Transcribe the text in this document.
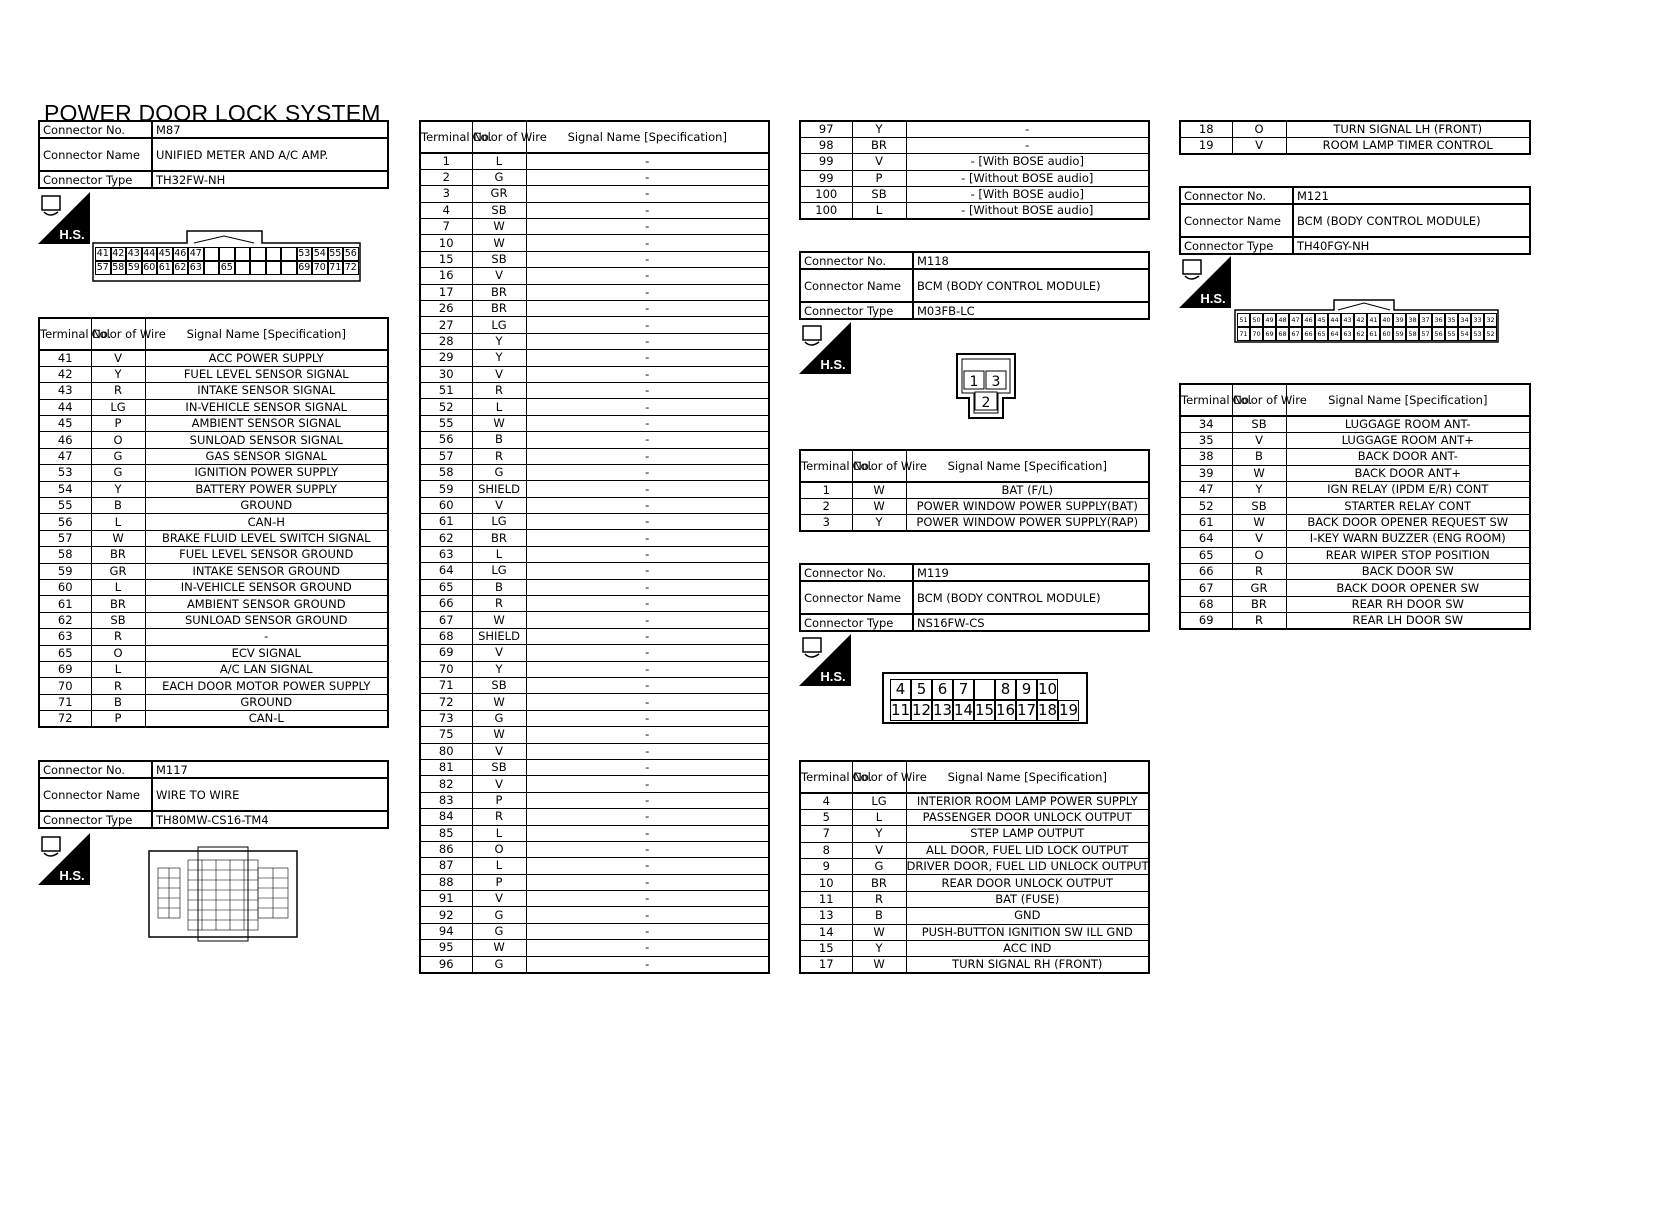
POWER DOOR LOCK SYSTEM
Connector No.	M87
Connector Name	UNIFIED METER AND A/C AMP.
Connector Type	TH32FW-NH
H.S.
41 42 43 44 45 46 47	53 54 55 56
57 58 59 60 61 62 63 65	69 70 71 72
Terminal No.	Color of Wire	Signal Name [Specification]
41	V	ACC POWER SUPPLY
42	Y	FUEL LEVEL SENSOR SIGNAL
43	R	INTAKE SENSOR SIGNAL
44	LG	IN-VEHICLE SENSOR SIGNAL
45	P	AMBIENT SENSOR SIGNAL
46	O	SUNLOAD SENSOR SIGNAL
47	G	GAS SENSOR SIGNAL
53	G	IGNITION POWER SUPPLY
54	Y	BATTERY POWER SUPPLY
55	B	GROUND
56	L	CAN-H
57	W	BRAKE FLUID LEVEL SWITCH SIGNAL
58	BR	FUEL LEVEL SENSOR GROUND
59	GR	INTAKE SENSOR GROUND
60	L	IN-VEHICLE SENSOR GROUND
61	BR	AMBIENT SENSOR GROUND
62	SB	SUNLOAD SENSOR GROUND
63	R	-
65	O	ECV SIGNAL
69	L	A/C LAN SIGNAL
70	R	EACH DOOR MOTOR POWER SUPPLY
71	B	GROUND
72	P	CAN-L
Connector No.	M117
Connector Name	WIRE TO WIRE
Connector Type	TH80MW-CS16-TM4
H.S.
Terminal No.	Color of Wire	Signal Name [Specification]
1	L	-
2	G	-
3	GR	-
4	SB	-
7	W	-
10	W	-
15	SB	-
16	V	-
17	BR	-
26	BR	-
27	LG	-
28	Y	-
29	Y	-
30	V	-
51	R	-
52	L	-
55	W	-
56	B	-
57	R	-
58	G	-
59	SHIELD	-
60	V	-
61	LG	-
62	BR	-
63	L	-
64	LG	-
65	B	-
66	R	-
67	W	-
68	SHIELD	-
69	V	-
70	Y	-
71	SB	-
72	W	-
73	G	-
75	W	-
80	V	-
81	SB	-
82	V	-
83	P	-
84	R	-
85	L	-
86	O	-
87	L	-
88	P	-
91	V	-
92	G	-
94	G	-
95	W	-
96	G	-
97	Y	-
98	BR	-
99	V	- [With BOSE audio]
99	P	- [Without BOSE audio]
100	SB	- [With BOSE audio]
100	L	- [Without BOSE audio]
Connector No.	M118
Connector Name	BCM (BODY CONTROL MODULE)
Connector Type	M03FB-LC
H.S.
1 3
2
Terminal No.	Color of Wire	Signal Name [Specification]
1	W	BAT (F/L)
2	W	POWER WINDOW POWER SUPPLY(BAT)
3	Y	POWER WINDOW POWER SUPPLY(RAP)
Connector No.	M119
Connector Name	BCM (BODY CONTROL MODULE)
Connector Type	NS16FW-CS
H.S.
4 5 6 7	8 9 10
11 12 13 14 15 16 17 18 19
Terminal No.	Color of Wire	Signal Name [Specification]
4	LG	INTERIOR ROOM LAMP POWER SUPPLY
5	L	PASSENGER DOOR UNLOCK OUTPUT
7	Y	STEP LAMP OUTPUT
8	V	ALL DOOR, FUEL LID LOCK OUTPUT
9	G	DRIVER DOOR, FUEL LID UNLOCK OUTPUT
10	BR	REAR DOOR UNLOCK OUTPUT
11	R	BAT (FUSE)
13	B	GND
14	W	PUSH-BUTTON IGNITION SW ILL GND
15	Y	ACC IND
17	W	TURN SIGNAL RH (FRONT)
18	O	TURN SIGNAL LH (FRONT)
19	V	ROOM LAMP TIMER CONTROL
Connector No.	M121
Connector Name	BCM (BODY CONTROL MODULE)
Connector Type	TH40FGY-NH
H.S.
51 50 49 48 47 46 45 44 43 42 41 40 39 38 37 36 35 34 33 32
71 70 69 68 67 66 65 64 63 62 61 60 59 58 57 56 55 54 53 52
Terminal No.	Color of Wire	Signal Name [Specification]
34	SB	LUGGAGE ROOM ANT-
35	V	LUGGAGE ROOM ANT+
38	B	BACK DOOR ANT-
39	W	BACK DOOR ANT+
47	Y	IGN RELAY (IPDM E/R) CONT
52	SB	STARTER RELAY CONT
61	W	BACK DOOR OPENER REQUEST SW
64	V	I-KEY WARN BUZZER (ENG ROOM)
65	O	REAR WIPER STOP POSITION
66	R	BACK DOOR SW
67	GR	BACK DOOR OPENER SW
68	BR	REAR RH DOOR SW
69	R	REAR LH DOOR SW
